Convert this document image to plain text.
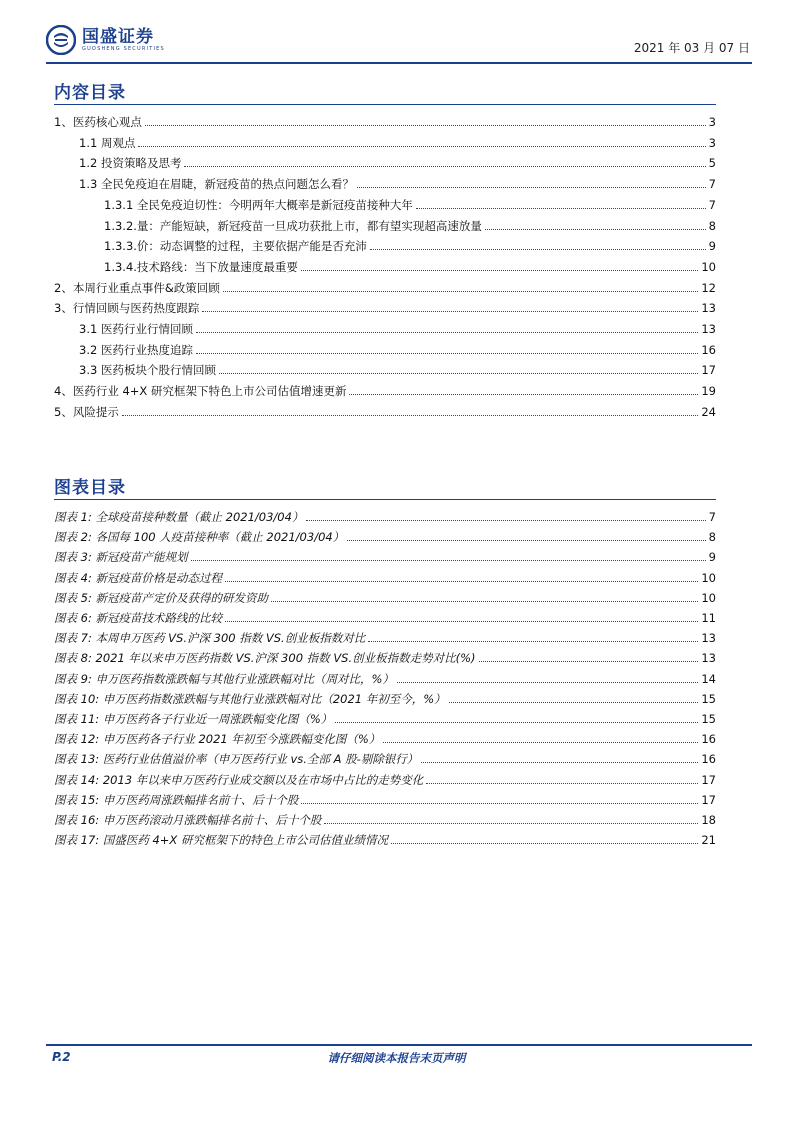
国盛证券
GUOSHENG SECURITIES	2021 年 03 月 07 日
内容目录
1、医药核心观点	3
1.1 周观点	3
1.2 投资策略及思考	5
1.3 全民免疫迫在眉睫，新冠疫苗的热点问题怎么看？	7
1.3.1 全民免疫迫切性：今明两年大概率是新冠疫苗接种大年	7
1.3.2.量：产能短缺，新冠疫苗一旦成功获批上市，都有望实现超高速放量	8
1.3.3.价：动态调整的过程，主要依据产能是否充沛	9
1.3.4.技术路线：当下放量速度最重要	10
2、本周行业重点事件&政策回顾	12
3、行情回顾与医药热度跟踪	13
3.1 医药行业行情回顾	13
3.2 医药行业热度追踪	16
3.3 医药板块个股行情回顾	17
4、医药行业 4+X 研究框架下特色上市公司估值增速更新	19
5、风险提示	24
图表目录
图表 1: 全球疫苗接种数量（截止 2021/03/04）	7
图表 2: 各国每 100 人疫苗接种率（截止 2021/03/04）	8
图表 3: 新冠疫苗产能规划	9
图表 4: 新冠疫苗价格是动态过程	10
图表 5: 新冠疫苗产定价及获得的研发资助	10
图表 6: 新冠疫苗技术路线的比较	11
图表 7: 本周申万医药 VS.沪深 300 指数 VS.创业板指数对比	13
图表 8: 2021 年以来申万医药指数 VS.沪深 300 指数 VS.创业板指数走势对比(%)	13
图表 9: 申万医药指数涨跌幅与其他行业涨跌幅对比（周对比，%）	14
图表 10: 申万医药指数涨跌幅与其他行业涨跌幅对比（2021 年初至今，%）	15
图表 11: 申万医药各子行业近一周涨跌幅变化图（%）	15
图表 12: 申万医药各子行业 2021 年初至今涨跌幅变化图（%）	16
图表 13: 医药行业估值溢价率（申万医药行业 vs.全部 A 股-剔除银行）	16
图表 14: 2013 年以来申万医药行业成交额以及在市场中占比的走势变化	17
图表 15: 申万医药周涨跌幅排名前十、后十个股	17
图表 16: 申万医药滚动月涨跌幅排名前十、后十个股	18
图表 17: 国盛医药 4+X 研究框架下的特色上市公司估值业绩情况	21
P.2	请仔细阅读本报告末页声明
